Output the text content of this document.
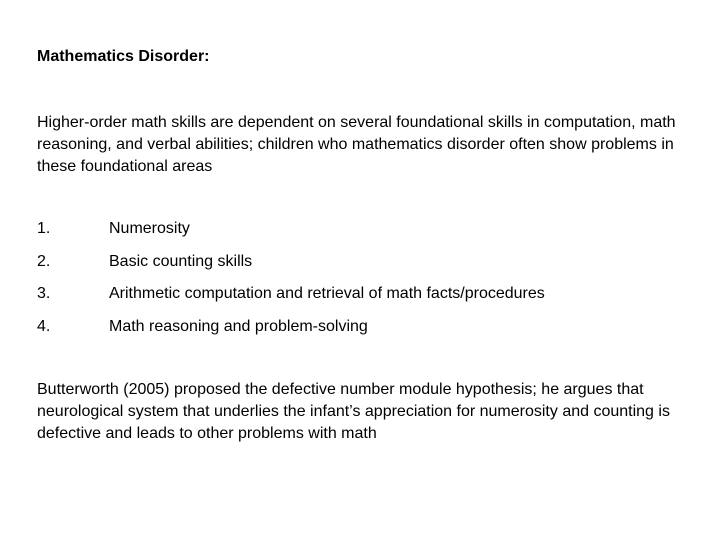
Mathematics Disorder:

Higher-order math skills are dependent on several foundational skills in computation, math reasoning, and verbal abilities; children who mathematics disorder often show problems in these foundational areas

1.	Numerosity
2.	Basic counting skills
3.	Arithmetic computation and retrieval of math facts/procedures
4.	Math reasoning and problem-solving

Butterworth (2005) proposed the defective number module hypothesis; he argues that neurological system that underlies the infant’s appreciation for numerosity and counting is defective and leads to other problems with math
